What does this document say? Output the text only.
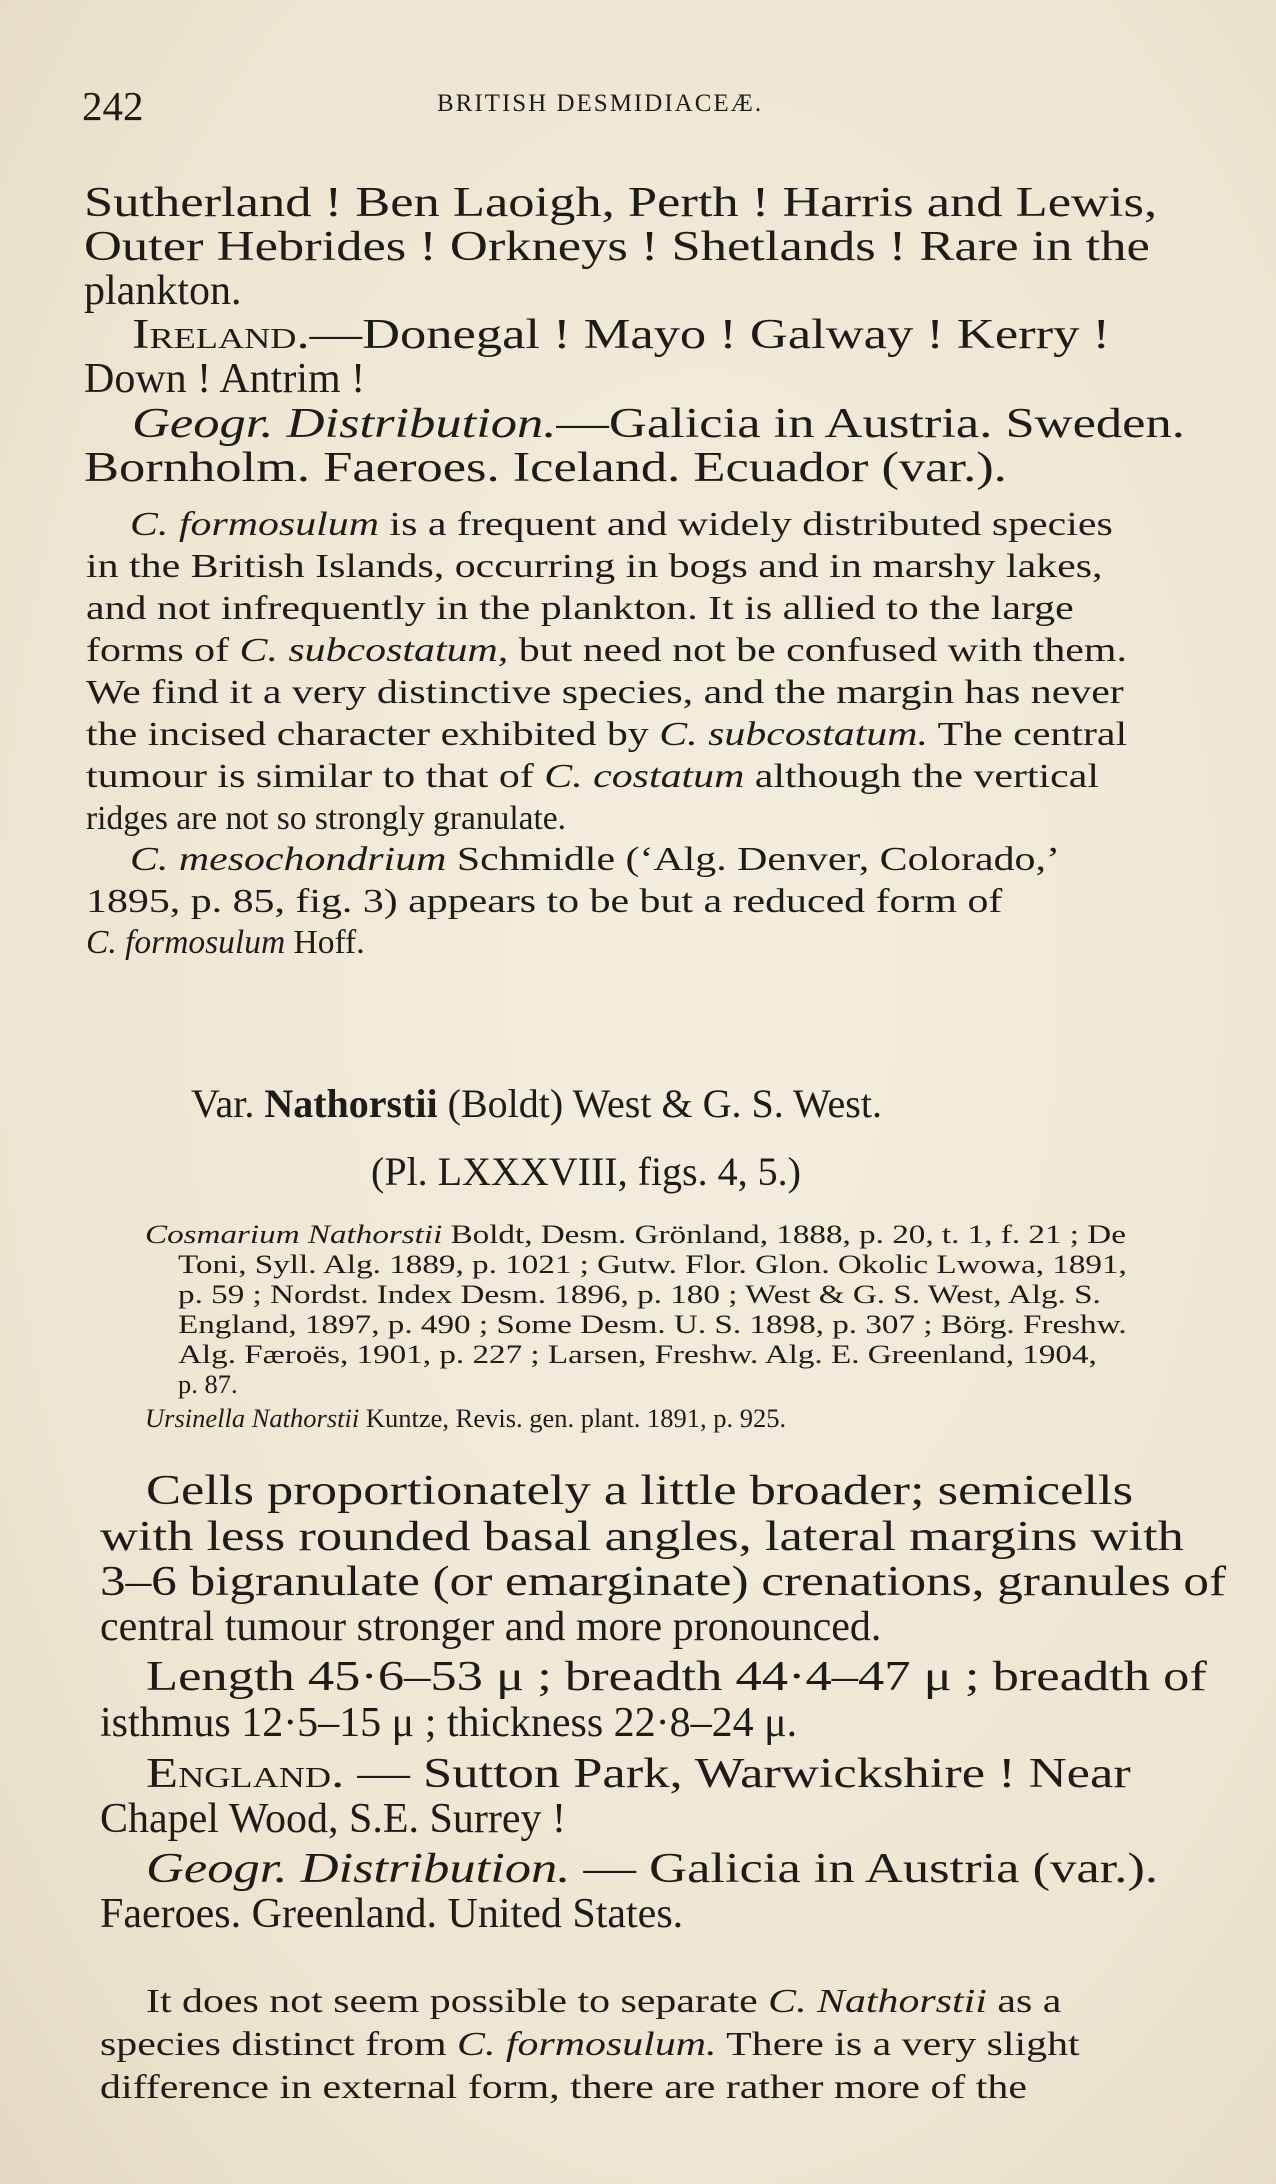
242	BRITISH DESMIDIACEÆ.
Sutherland ! Ben Laoigh, Perth ! Harris and Lewis,
Outer Hebrides ! Orkneys ! Shetlands ! Rare in the
plankton.
Ireland.—Donegal ! Mayo ! Galway ! Kerry !
Down ! Antrim !
Geogr. Distribution.—Galicia in Austria. Sweden.
Bornholm. Faeroes. Iceland. Ecuador (var.).
C. formosulum is a frequent and widely distributed species
in the British Islands, occurring in bogs and in marshy lakes,
and not infrequently in the plankton. It is allied to the large
forms of C. subcostatum, but need not be confused with them.
We find it a very distinctive species, and the margin has never
the incised character exhibited by C. subcostatum. The central
tumour is similar to that of C. costatum although the vertical
ridges are not so strongly granulate.
C. mesochondrium Schmidle (‘Alg. Denver, Colorado,’
1895, p. 85, fig. 3) appears to be but a reduced form of
C. formosulum Hoff.
Var. Nathorstii (Boldt) West & G. S. West.
(Pl. LXXXVIII, figs. 4, 5.)
Cosmarium Nathorstii Boldt, Desm. Grönland, 1888, p. 20, t. 1, f. 21 ; De
Toni, Syll. Alg. 1889, p. 1021 ; Gutw. Flor. Glon. Okolic Lwowa, 1891,
p. 59 ; Nordst. Index Desm. 1896, p. 180 ; West & G. S. West, Alg. S.
England, 1897, p. 490 ; Some Desm. U. S. 1898, p. 307 ; Börg. Freshw.
Alg. Færoës, 1901, p. 227 ; Larsen, Freshw. Alg. E. Greenland, 1904,
p. 87.
Ursinella Nathorstii Kuntze, Revis. gen. plant. 1891, p. 925.
Cells proportionately a little broader; semicells
with less rounded basal angles, lateral margins with
3–6 bigranulate (or emarginate) crenations, granules of
central tumour stronger and more pronounced.
Length 45·6–53 μ ; breadth 44·4–47 μ ; breadth of
isthmus 12·5–15 μ ; thickness 22·8–24 μ.
England. — Sutton Park, Warwickshire ! Near
Chapel Wood, S.E. Surrey !
Geogr. Distribution. — Galicia in Austria (var.).
Faeroes. Greenland. United States.
It does not seem possible to separate C. Nathorstii as a
species distinct from C. formosulum. There is a very slight
difference in external form, there are rather more of the
